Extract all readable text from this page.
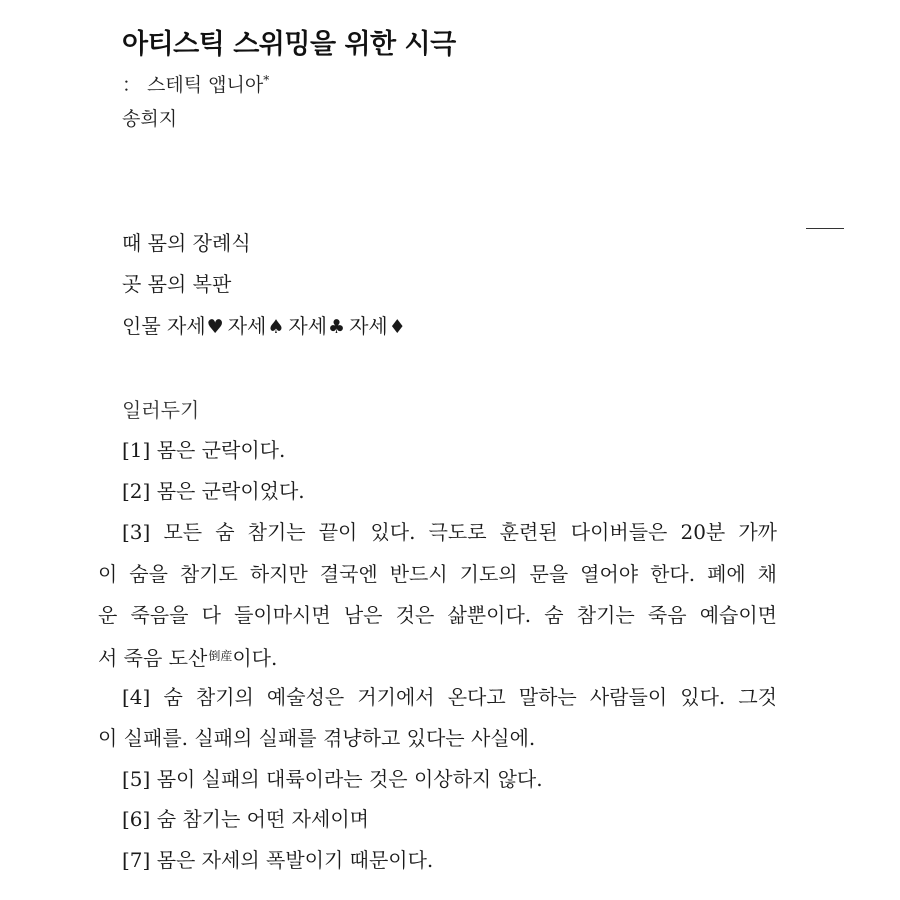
아티스틱 스위밍을 위한 시극
： 스테틱 앱니아*
송희지
때 몸의 장례식
곳 몸의 복판
인물 자세♥ 자세♠ 자세♣ 자세♦
일러두기
[1] 몸은 군락이다.
[2] 몸은 군락이었다.
[3] 모든 숨 참기는 끝이 있다. 극도로 훈련된 다이버들은 20분 가까
이 숨을 참기도 하지만 결국엔 반드시 기도의 문을 열어야 한다. 폐에 채
운 죽음을 다 들이마시면 남은 것은 삶뿐이다. 숨 참기는 죽음 예습이면
서 죽음 도산$^{倒産}$이다.
[4] 숨 참기의 예술성은 거기에서 온다고 말하는 사람들이 있다. 그것
이 실패를. 실패의 실패를 겪냥하고 있다는 사실에.
[5] 몸이 실패의 대륙이라는 것은 이상하지 않다.
[6] 숨 참기는 어떤 자세이며
[7] 몸은 자세의 폭발이기 때문이다.
